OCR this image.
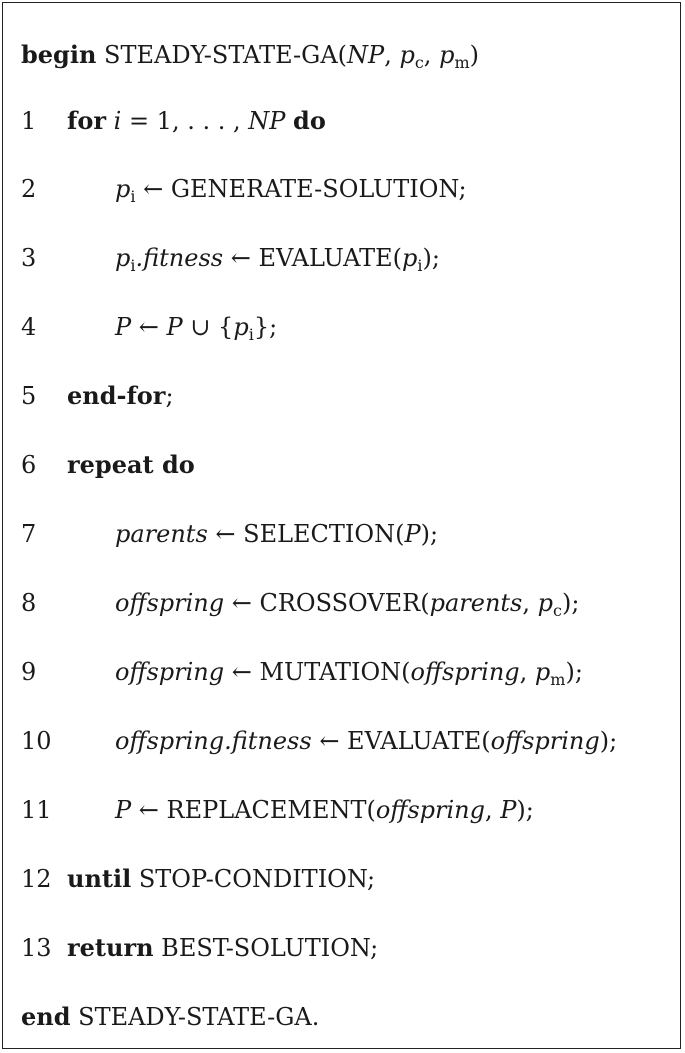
begin STEADY-STATE-GA(NP, $p_c$, $p_m$)
1 for i = 1, . . . , NP do
2	$p_i$ ← GENERATE-SOLUTION;
3	$p_i.fitness$ ← $EVALUATE(p_i)$;
4	P ← P ∪ $\{p_i\}$;
5 end-for;
6 repeat do
7	parents ← SELECTION(P);
8	offspring ← CROSSOVER(parents, $p_c$);
9	offspring ← MUTATION(offspring, $p_m$);
10	offspring.fitness ← EVALUATE(offspring);
11	P ← REPLACEMENT(offspring, P);
12 until STOP-CONDITION;
13 return BEST-SOLUTION;
end STEADY-STATE-GA.
